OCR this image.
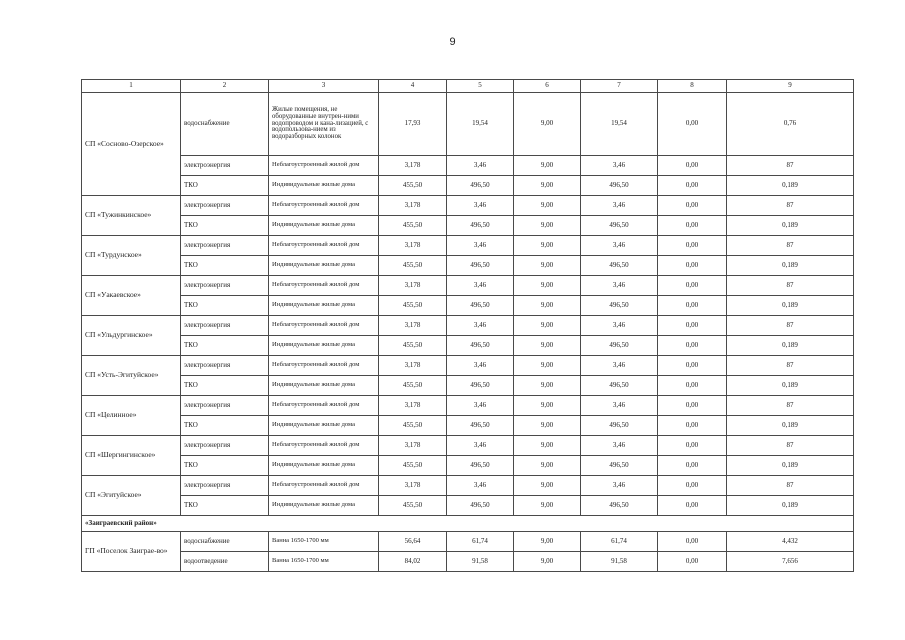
9
1	2	3	4	5	6	7	8	9
СП «Сосново-Озерское»	водоснабжение	Жилые помещения, не оборудованные внутрен-ними водопроводом и кана-лизацией, с водопользова-нием из водоразборных колонок	17,93	19,54	9,00	19,54	0,00	0,76
	электроэнергия	Неблагоустроенный жилой дом	3,178	3,46	9,00	3,46	0,00	87
	ТКО	Индивидуальные жилые дома	455,50	496,50	9,00	496,50	0,00	0,189
СП «Тужинкинское»	электроэнергия	Неблагоустроенный жилой дом	3,178	3,46	9,00	3,46	0,00	87
	ТКО	Индивидуальные жилые дома	455,50	496,50	9,00	496,50	0,00	0,189
СП «Турдунское»	электроэнергия	Неблагоустроенный жилой дом	3,178	3,46	9,00	3,46	0,00	87
	ТКО	Индивидуальные жилые дома	455,50	496,50	9,00	496,50	0,00	0,189
СП «Уакаевское»	электроэнергия	Неблагоустроенный жилой дом	3,178	3,46	9,00	3,46	0,00	87
	ТКО	Индивидуальные жилые дома	455,50	496,50	9,00	496,50	0,00	0,189
СП «Ульдургинское»	электроэнергия	Неблагоустроенный жилой дом	3,178	3,46	9,00	3,46	0,00	87
	ТКО	Индивидуальные жилые дома	455,50	496,50	9,00	496,50	0,00	0,189
СП «Усть-Эгитуйское»	электроэнергия	Неблагоустроенный жилой дом	3,178	3,46	9,00	3,46	0,00	87
	ТКО	Индивидуальные жилые дома	455,50	496,50	9,00	496,50	0,00	0,189
СП «Целинное»	электроэнергия	Неблагоустроенный жилой дом	3,178	3,46	9,00	3,46	0,00	87
	ТКО	Индивидуальные жилые дома	455,50	496,50	9,00	496,50	0,00	0,189
СП «Шергингинское»	электроэнергия	Неблагоустроенный жилой дом	3,178	3,46	9,00	3,46	0,00	87
	ТКО	Индивидуальные жилые дома	455,50	496,50	9,00	496,50	0,00	0,189
СП «Эгитуйское»	электроэнергия	Неблагоустроенный жилой дом	3,178	3,46	9,00	3,46	0,00	87
	ТКО	Индивидуальные жилые дома	455,50	496,50	9,00	496,50	0,00	0,189
«Заиграевский район»								
ГП «Поселок Заиграе-во»	водоснабжение	Ванна 1650-1700 мм	56,64	61,74	9,00	61,74	0,00	4,432
	водоотведение	Ванна 1650-1700 мм	84,02	91,58	9,00	91,58	0,00	7,656
